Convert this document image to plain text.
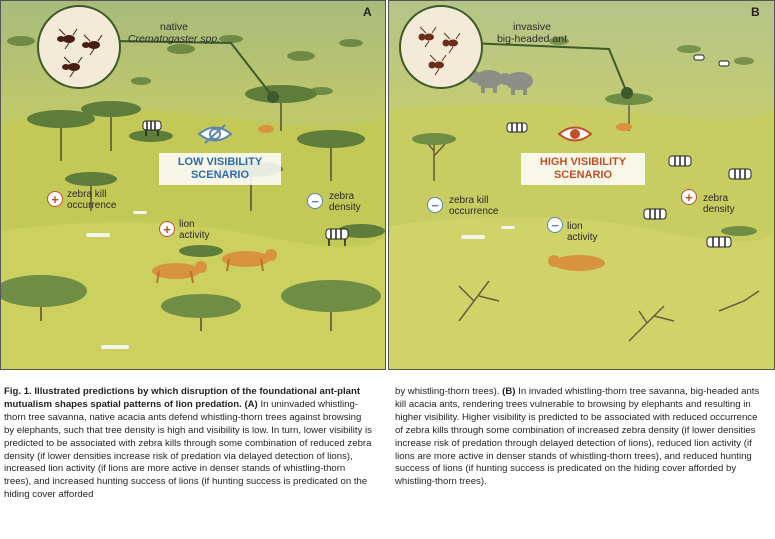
native
Crematogaster spp.
A
LOW VISIBILITY
SCENARIO
+ zebra kill
occurrence
+ lion
activity
−	zebra
density
invasive
big-headed ant
B
HIGH VISIBILITY
SCENARIO
−	zebra kill
occurrence
− lion
activity
+	zebra
density
Fig. 1. Illustrated predictions by which disruption of the foundational ant-plant mutualism shapes spatial patterns of lion predation. (A) In uninvaded whistling-thorn tree savanna, native acacia ants defend whistling-thorn trees against browsing by elephants, such that tree density is high and visibility is low. In turn, lower visibility is predicted to be associated with zebra kills through some combination of reduced zebra density (if lower densities increase risk of predation via delayed detection of lions), increased lion activity (if lions are more active in denser stands of whistling-thorn trees), and increased hunting success of lions (if hunting success is predicated on the hiding cover afforded
by whistling-thorn trees). (B) In invaded whistling-thorn tree savanna, big-headed ants kill acacia ants, rendering trees vulnerable to browsing by elephants and resulting in higher visibility. Higher visibility is predicted to be associated with reduced occurrence of zebra kills through some combination of increased zebra density (if lower densities increase risk of predation through delayed detection of lions), reduced lion activity (if lions are more active in denser stands of whistling-thorn trees), and reduced hunting success of lions (if hunting success is predicated on the hiding cover afforded by whistling-thorn trees).
